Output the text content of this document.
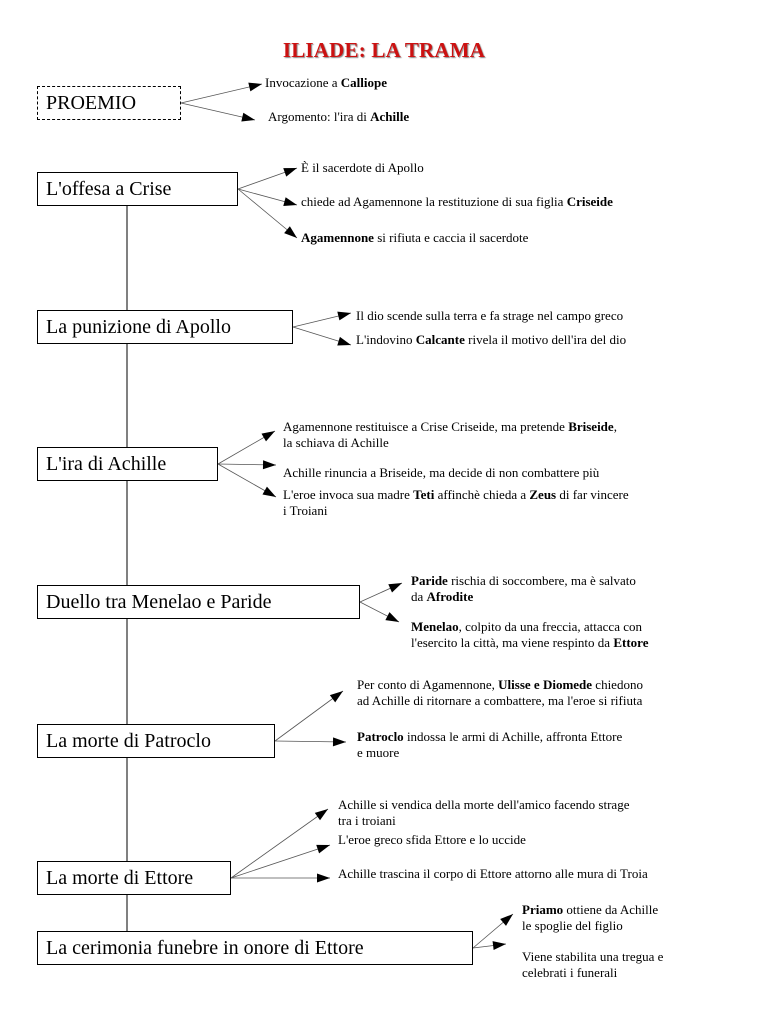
ILIADE: LA TRAMA
PROEMIO
Invocazione a Calliope
Argomento: l'ira di Achille
L'offesa a Crise
È il sacerdote di Apollo
chiede ad Agamennone la restituzione di sua figlia Criseide
Agamennone si rifiuta e caccia il sacerdote
La punizione di Apollo
Il dio scende sulla terra e fa strage nel campo greco
L'indovino Calcante rivela il motivo dell'ira del dio
L'ira di Achille
Agamennone restituisce a Crise Criseide, ma pretende Briseide,
la schiava di Achille
Achille rinuncia a Briseide, ma decide di non combattere più
L'eroe invoca sua madre Teti affinchè chieda a Zeus di far vincere
i Troiani
Duello tra Menelao e Paride
Paride rischia di soccombere, ma è salvato
da Afrodite
Menelao, colpito da una freccia, attacca con
l'esercito la città, ma viene respinto da Ettore
La morte di Patroclo
Per conto di Agamennone, Ulisse e Diomede chiedono
ad Achille di ritornare a combattere, ma l'eroe si rifiuta
Patroclo indossa le armi di Achille, affronta Ettore
e muore
La morte di Ettore
Achille si vendica della morte dell'amico facendo strage
tra i troiani
L'eroe greco sfida Ettore e lo uccide
Achille trascina il corpo di Ettore attorno alle mura di Troia
La cerimonia funebre in onore di Ettore
Priamo ottiene da Achille
le spoglie del figlio
Viene stabilita una tregua e
celebrati i funerali
